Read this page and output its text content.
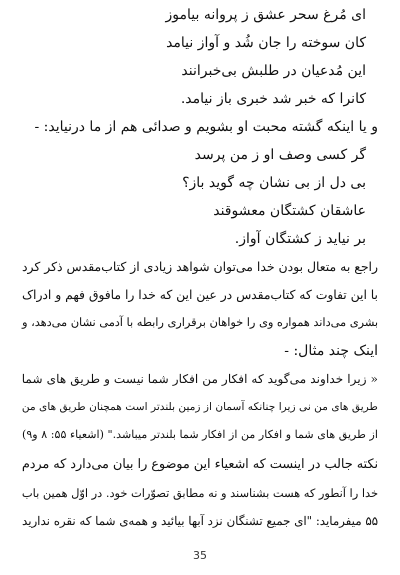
ای مُرغ سحر عشق ز پروانه بیاموز
کان سوخته را جان شُد و آواز نیامد
این مُدعیان در طلبش بی‌خبرانند
کانرا که خبر شد خبری باز نیامد.
و یا اینکه گشته محبت او بشویم و صدائی هم از ما درنیاید: -
گر کسی وصف او ز من پرسد
بی دل از بی نشان چه گوید باز؟
عاشقان کشتگان معشوقند
بر نیاید ز کشتگان آواز.
راجع به متعال بودن خدا می‌توان شواهد زیادی از کتاب‌مقدس ذکر کرد
با این تفاوت که کتاب‌مقدس در عین این که خدا را مافوق فهم و ادراک
بشری می‌داند همواره وی را خواهان برقراری رابطه با آدمی نشان می‌دهد، و
اینک چند مثال: -
« زیرا خداوند می‌گوید که افکار من افکار شما نیست و طریق های شما
طریق های من نی زیرا چنانکه آسمان از زمین بلندتر است همچنان طریق های من
از طریق های شما و افکار من از افکار شما بلندتر میباشد." (اشعیاء ۵۵: ۸ و۹)
نکته جالب در اینست که اشعیاء این موضوع را بیان می‌دارد که مردم
خدا را آنطور که هست بشناسند و نه مطابق تصوّرات خود. در اوّل همین باب
۵۵ میفرماید: "ای جمیع تشنگان نزد آبها بیائید و همه‌ی شما که نقره ندارید
35
